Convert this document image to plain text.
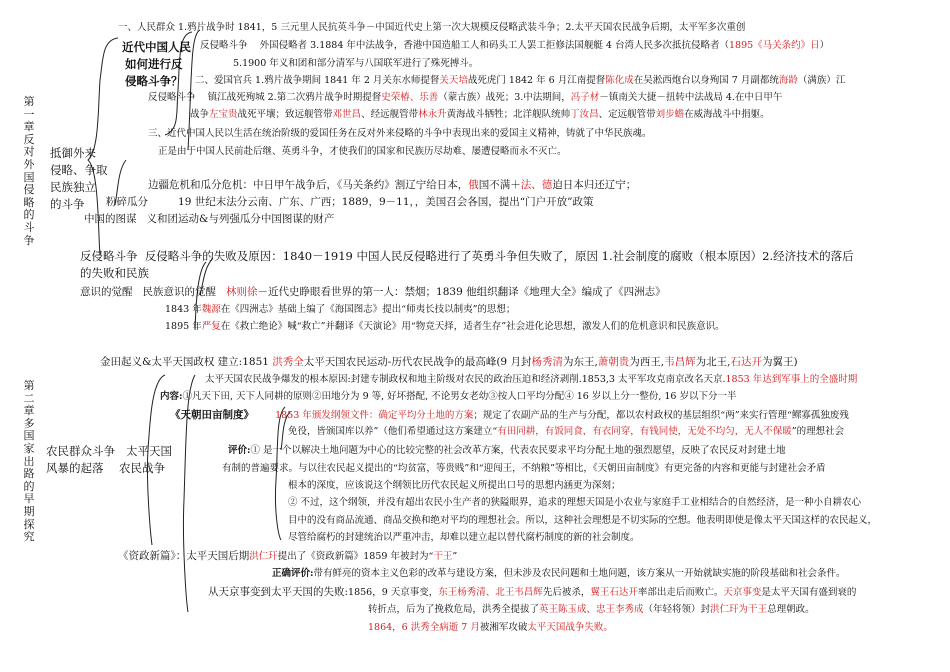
第一章反对外国侵略的斗争
抵御外来
侵略、争取
民族独立
的斗争
近代中国人民
如何进行反
侵略斗争？
一、人民群众 1.鸦片战争时 1841，5 三元里人民抗英斗争－中国近代史上第一次大规模反侵略武装斗争；2.太平天国农民战争后期，太平军多次重创
反侵略斗争 外国侵略者 3.1884 年中法战争，香港中国造船工人和码头工人罢工拒修法国舰艇 4 台湾人民多次抵抗侵略者（1895《马关条约》日）
5.1900 年义和团和部分清军与八国联军进行了殊死搏斗。
二、爱国官兵 1.鸦片战争期间 1841 年 2 月关东水师提督关天培战死虎门 1842 年 6 月江南提督陈化成在吴淞西炮台以身殉国 7 月副都统海龄（满族）江
反侵略斗争 镇江战死殉城 2.第二次鸦片战争时期提督史荣椿、乐善（蒙古族）战死；3.中法期间，冯子材－镇南关大捷－扭转中法战局 4.在中日甲午
战争左宝贵战死平壤；致远舰管带邓世昌、经远舰管带林永升黄海战斗牺牲；北洋舰队统帅丁汝昌、定远舰管带刘步蟾在威海战斗中捐躯。
三、近代中国人民以生活在统治阶级的爱国任务在反对外来侵略的斗争中表现出来的爱国主义精神，铸就了中华民族魂。
正是由于中国人民前赴后继、英勇斗争，才使我们的国家和民族历尽劫难、屡遭侵略而永不灭亡。
边疆危机和瓜分危机：中日甲午战争后，《马关条约》割辽宁给日本，俄国不满＋法、德迫日本归还辽宁；
粉碎瓜分	19 世纪末法分云南、广东、广西；1889，9－11，，美国召会各国，提出“门户开放”政策
中国的图谋 义和团运动&与列强瓜分中国图谋的财产
反侵略斗争 反侵略斗争的失败及原因：1840－1919 中国人民反侵略进行了英勇斗争但失败了，原因 1.社会制度的腐败（根本原因）2.经济技术的落后
的失败和民族
意识的觉醒 民族意识的觉醒 林则徐－近代史睁眼看世界的第一人：禁烟；1839 他组织翻译《地理大全》编成了《四洲志》
1843 年魏源在《四洲志》基础上编了《海国图志》提出“师夷长技以制夷”的思想；
1895 年严复在《救亡绝论》喊“救亡”并翻译《天演论》用“物竞天择，适者生存”社会进化论思想，激发人们的危机意识和民族意识。
第二章多国家出路的早期探究
农民群众斗争
风暴的起落
太平天国
农民战争
金田起义&太平天国政权 建立:1851 洪秀全太平天国农民运动-历代农民战争的最高峰(9 月封杨秀清为东王,萧朝贵为西王,韦昌辉为北王,石达开为翼王)
太平天国农民战争爆发的根本原因:封建专制政权和地主阶级对农民的政治压迫和经济剥削.1853,3 太平军攻克南京改名天京.1853 年达到军事上的全盛时期
内容:①凡天下田, 天下人同耕的原则②田地分为 9 等, 好坏搭配, 不论男女老幼③按人口平均分配④ 16 岁以上分一整份, 16 岁以下分一半
《天朝田亩制度》 1853 年颁发纲领文件：确定平均分土地的方案；规定了农副产品的生产与分配，都以农村政权的基层组织“两”来实行管理“鳏寡孤独废残
免役，皆颁国库以养”（他们希望通过这方案建立“有田同耕，有饭同食，有衣同穿，有钱同使，无处不均匀，无人不保暖”的理想社会
评价:① 是一个以解决土地问题为中心的比较完整的社会改革方案，代表农民要求平均分配土地的强烈愿望，反映了农民反对封建土地
有制的普遍要求。与以往农民起义提出的“均贫富，等贵贱”和“迎闯王，不纳粮”等相比，《天朝田亩制度》有更完备的内容和更能与封建社会矛盾
根本的深度，应该说这个纲领比历代农民起义所提出口号的思想内涵更为深刻；
② 不过，这个纲领，并没有超出农民小生产者的狭隘眼界，追求的理想天国是小农业与家庭手工业相结合的自然经济，是一种小自耕农心
目中的没有商品流通、商品交换和绝对平均的理想社会。所以，这种社会理想是不切实际的空想。他表明即使是像太平天国这样的农民起义，
尽管给腐朽的封建统治以严重冲击，却难以建立起以替代腐朽制度的新的社会制度。
《资政新篇》：太平天国后期洪仁玕提出了《资政新篇》1859 年被封为“干王”
正确评价:带有鲜亮的资本主义色彩的改革与建设方案，但未涉及农民问题和土地问题，该方案从一开始就缺实施的阶段基础和社会条件。
从天京事变到太平天国的失败:1856，9 天京事变，东王杨秀清、北王韦昌辉先后被杀，翼王石达开率部出走后而败亡。天京事变是太平天国有盛到衰的
转折点，后为了挽救危局，洪秀全提拔了英王陈玉成、忠王李秀成（年轻将领）封洪仁玕为干王总理朝政。
1864，6 洪秀全病逝 7 月被湘军攻破太平天国战争失败。
